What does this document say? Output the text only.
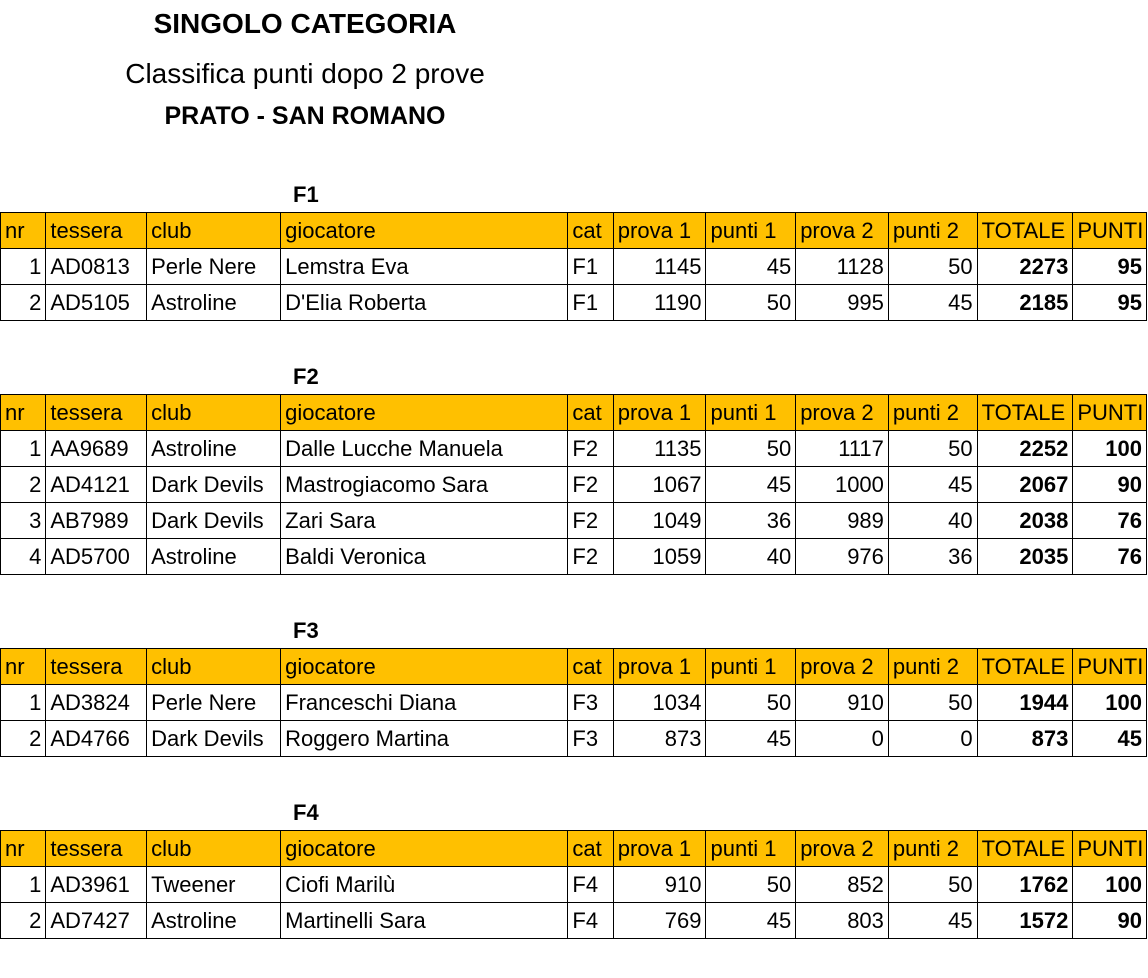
SINGOLO CATEGORIA
Classifica punti dopo 2 prove
PRATO - SAN ROMANO
F1
nr	tessera	club	giocatore	cat	prova 1	punti 1	prova 2	punti 2	TOTALE	PUNTI
1	AD0813	Perle Nere	Lemstra Eva	F1	1145	45	1128	50	2273	95
2	AD5105	Astroline	D'Elia Roberta	F1	1190	50	995	45	2185	95
F2
nr	tessera	club	giocatore	cat	prova 1	punti 1	prova 2	punti 2	TOTALE	PUNTI
1	AA9689	Astroline	Dalle Lucche Manuela	F2	1135	50	1117	50	2252	100
2	AD4121	Dark Devils	Mastrogiacomo Sara	F2	1067	45	1000	45	2067	90
3	AB7989	Dark Devils	Zari Sara	F2	1049	36	989	40	2038	76
4	AD5700	Astroline	Baldi Veronica	F2	1059	40	976	36	2035	76
F3
nr	tessera	club	giocatore	cat	prova 1	punti 1	prova 2	punti 2	TOTALE	PUNTI
1	AD3824	Perle Nere	Franceschi Diana	F3	1034	50	910	50	1944	100
2	AD4766	Dark Devils	Roggero Martina	F3	873	45	0	0	873	45
F4
nr	tessera	club	giocatore	cat	prova 1	punti 1	prova 2	punti 2	TOTALE	PUNTI
1	AD3961	Tweener	Ciofi Marilù	F4	910	50	852	50	1762	100
2	AD7427	Astroline	Martinelli Sara	F4	769	45	803	45	1572	90
